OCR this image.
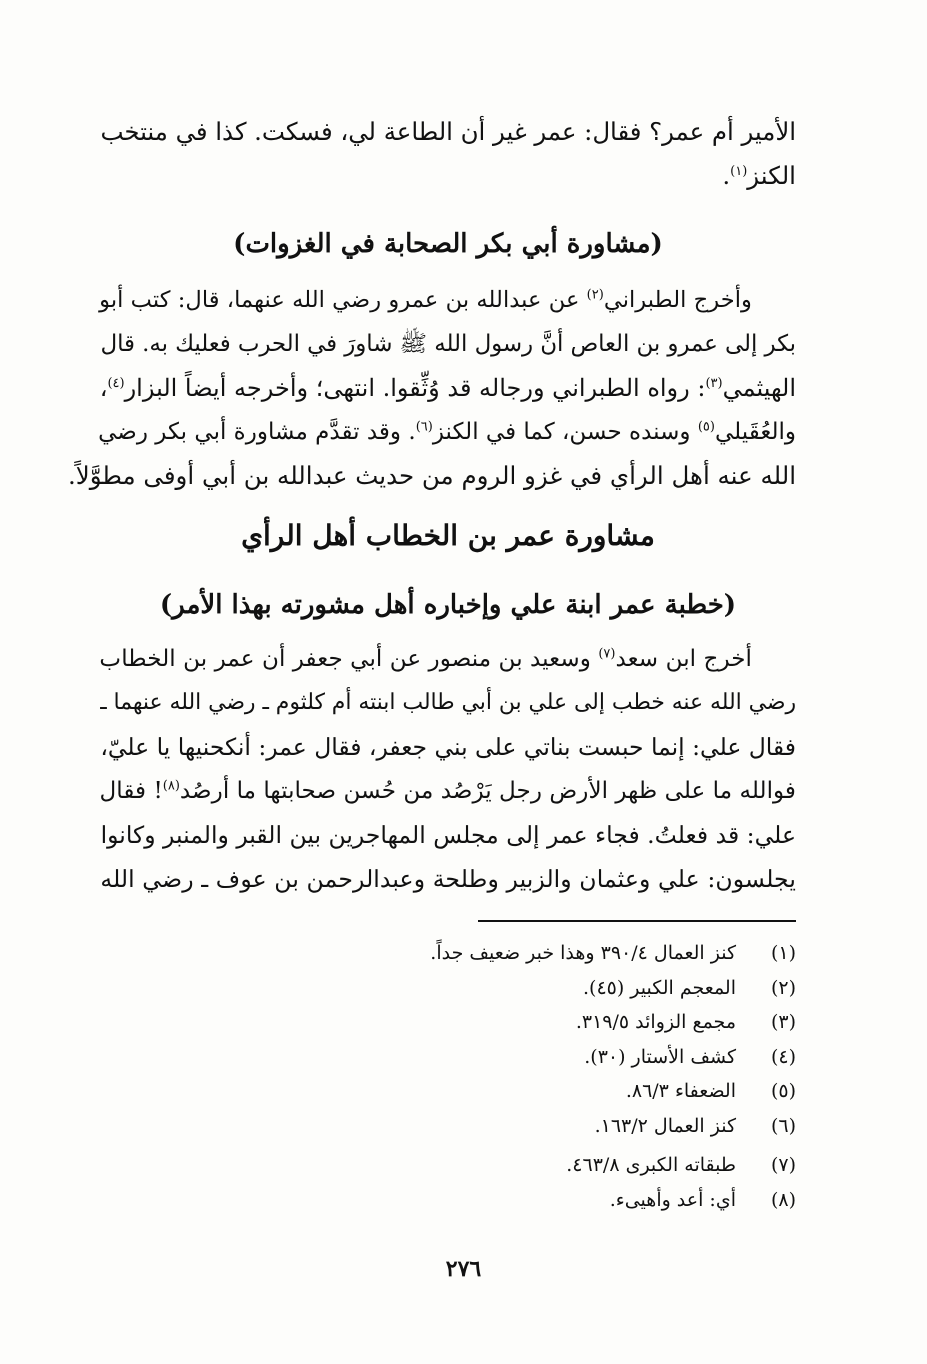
الأمير أم عمر؟ فقال: عمر غير أن الطاعة لي، فسكت. كذا في منتخب
الكنز$^{(١)}$.
(مشاورة أبي بكر الصحابة في الغزوات)
وأخرج الطبراني$^{(٢)}$ عن عبدالله بن عمرو رضي الله عنهما، قال: كتب أبو
بكر إلى عمرو بن العاص أنَّ رسول الله ﷺ شاورَ في الحرب فعليك به. قال
الهيثمي$^{(٣)}$: رواه الطبراني ورجاله قد وُثِّقوا. انتهى؛ وأخرجه أيضاً البزار$^{(٤)}$،
والعُقَيلي$^{(٥)}$ وسنده حسن، كما في الكنز$^{(٦)}$. وقد تقدَّم مشاورة أبي بكر رضي
الله عنه أهل الرأي في غزو الروم من حديث عبدالله بن أبي أوفى مطوَّلاً.
مشاورة عمر بن الخطاب أهل الرأي
(خطبة عمر ابنة علي وإخباره أهل مشورته بهذا الأمر)
أخرج ابن سعد$^{(٧)}$ وسعيد بن منصور عن أبي جعفر أن عمر بن الخطاب
رضي الله عنه خطب إلى علي بن أبي طالب ابنته أم كلثوم ـ رضي الله عنهما ـ
فقال علي: إنما حبست بناتي على بني جعفر، فقال عمر: أنكحنيها يا عليّ،
فوالله ما على ظهر الأرض رجل يَرْصُد من حُسن صحابتها ما أرصُد$^{(٨)}$! فقال
علي: قد فعلتُ. فجاء عمر إلى مجلس المهاجرين بين القبر والمنبر وكانوا
يجلسون: علي وعثمان والزبير وطلحة وعبدالرحمن بن عوف ـ رضي الله
(١)
كنز العمال ٣٩٠/٤ وهذا خبر ضعيف جداً.
(٢)
المعجم الكبير (٤٥).
(٣)
مجمع الزوائد ٣١٩/٥.
(٤)
كشف الأستار (٣٠).
(٥)
الضعفاء ٨٦/٣.
(٦)
كنز العمال ١٦٣/٢.
(٧)
طبقاته الكبرى ٤٦٣/٨.
(٨)
أي: أعد وأهيىء.
٢٧٦
